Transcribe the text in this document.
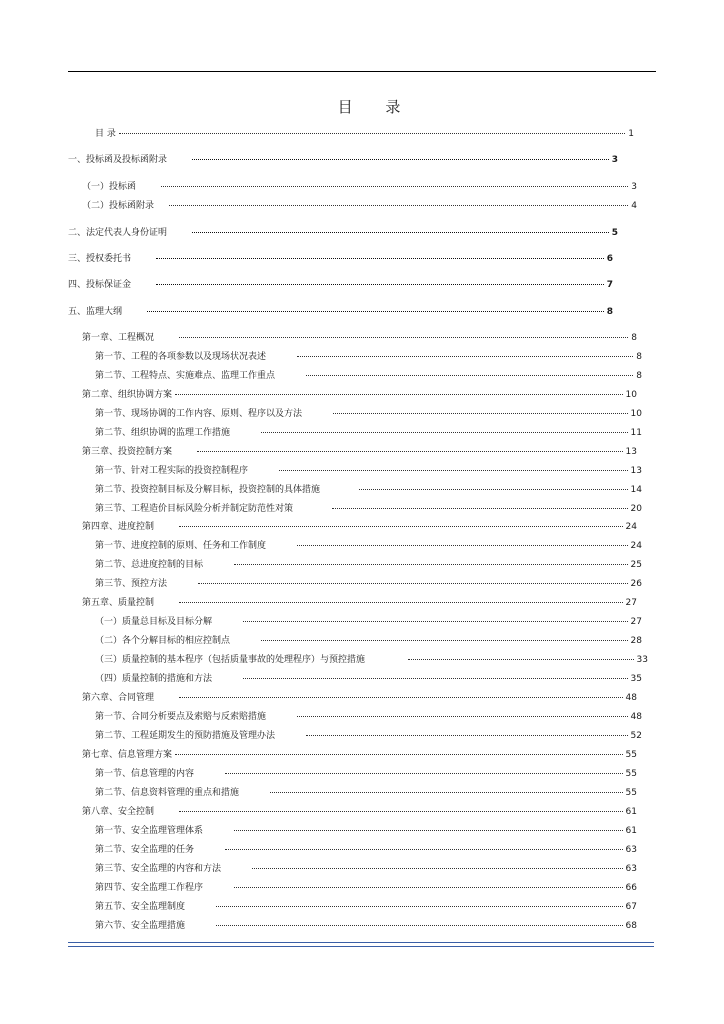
目 录
目 录	1
一、投标函及投标函附录	3
（一）投标函	3
（二）投标函附录	4
二、法定代表人身份证明	5
三、授权委托书	6
四、投标保证金	7
五、监理大纲	8
第一章、工程概况	8
第一节、工程的各项参数以及现场状况表述	8
第二节、工程特点、实施难点、监理工作重点	8
第二章、组织协调方案	10
第一节、现场协调的工作内容、原则、程序以及方法	10
第二节、组织协调的监理工作措施	11
第三章、投资控制方案	13
第一节、针对工程实际的投资控制程序	13
第二节、投资控制目标及分解目标，投资控制的具体措施	14
第三节、工程造价目标风险分析并制定防范性对策	20
第四章、进度控制	24
第一节、进度控制的原则、任务和工作制度	24
第二节、总进度控制的目标	25
第三节、预控方法	26
第五章、质量控制	27
（一）质量总目标及目标分解	27
（二）各个分解目标的相应控制点	28
（三）质量控制的基本程序（包括质量事故的处理程序）与预控措施	33
（四）质量控制的措施和方法	35
第六章、合同管理	48
第一节、合同分析要点及索赔与反索赔措施	48
第二节、工程延期发生的预防措施及管理办法	52
第七章、信息管理方案	55
第一节、信息管理的内容	55
第二节、信息资料管理的重点和措施	55
第八章、安全控制	61
第一节、安全监理管理体系	61
第二节、安全监理的任务	63
第三节、安全监理的内容和方法	63
第四节、安全监理工作程序	66
第五节、安全监理制度	67
第六节、安全监理措施	68
